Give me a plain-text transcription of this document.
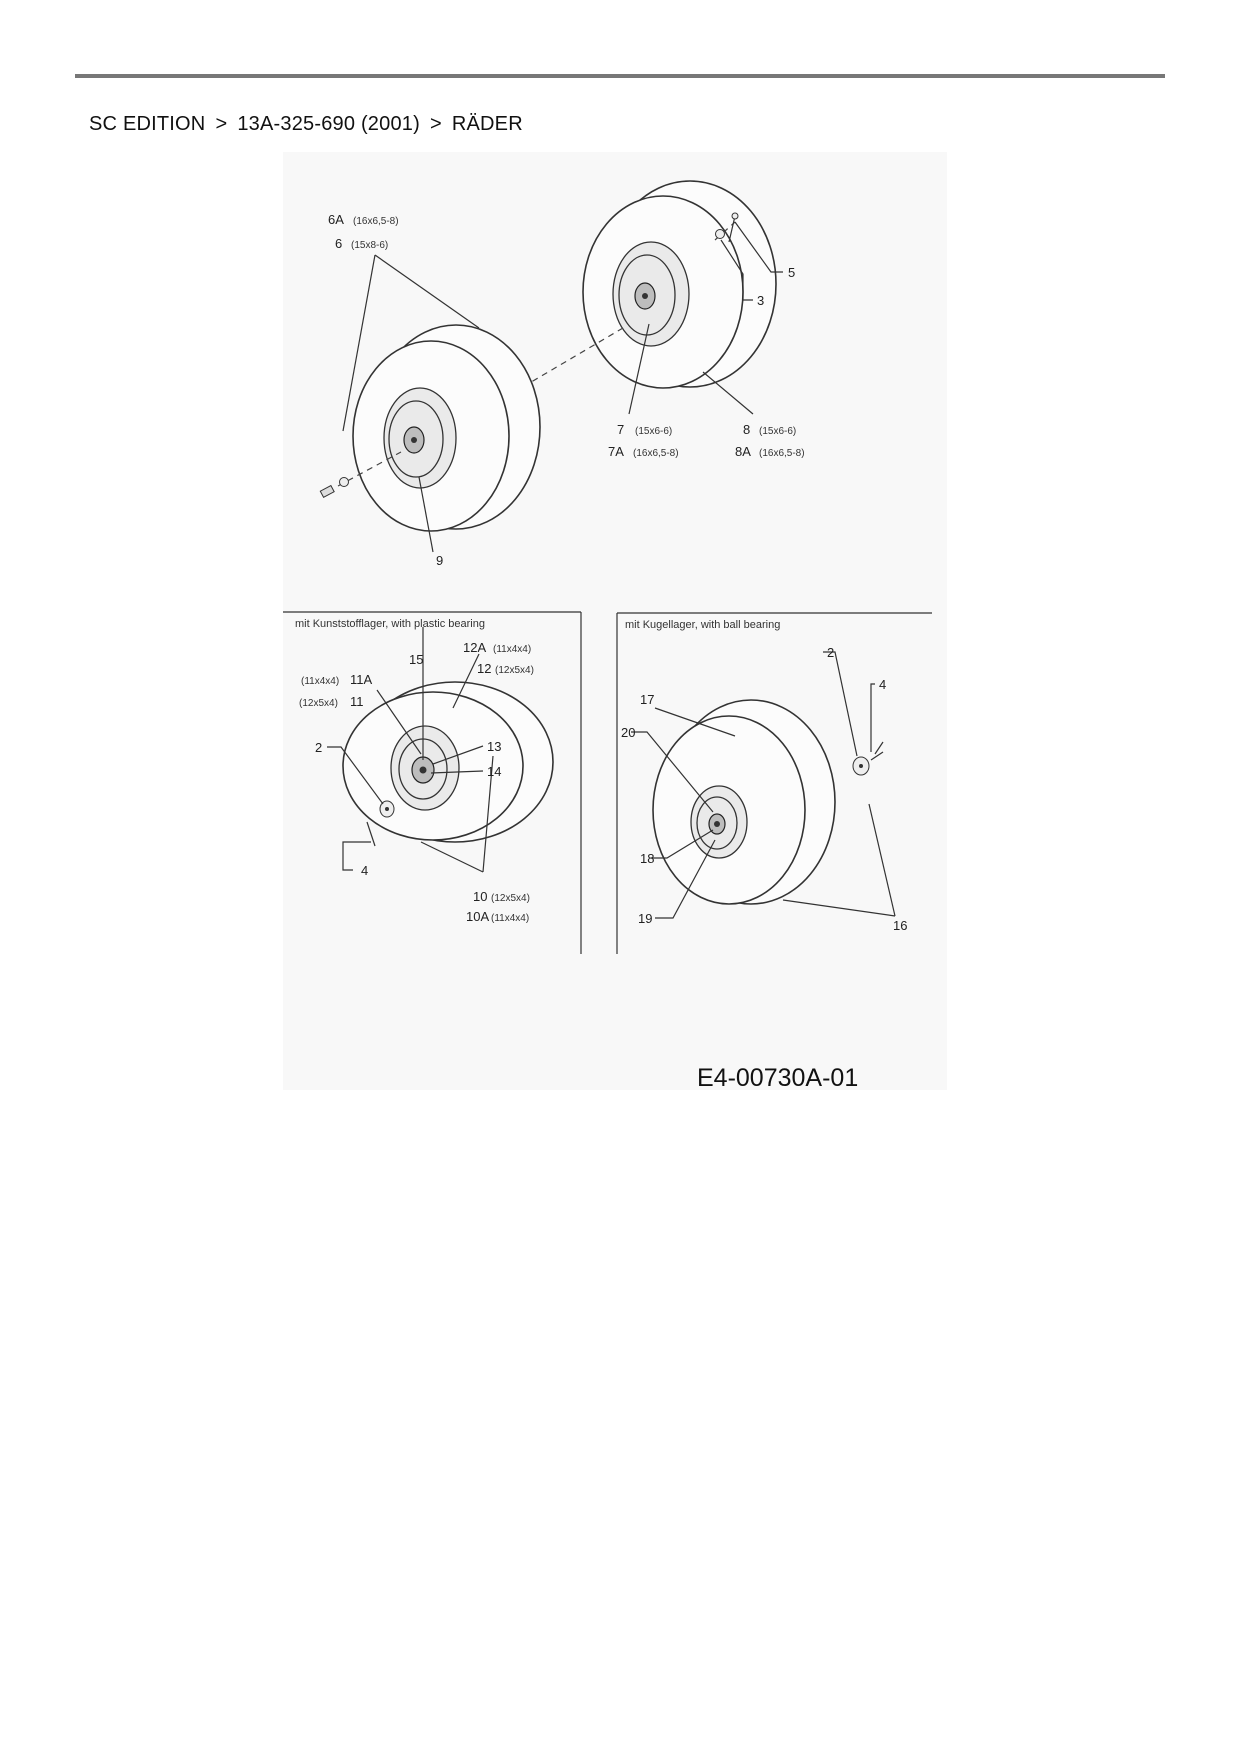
SC EDITION > 13A-325-690 (2001) > RÄDER
6A (16x6,5-8)
6 (15x8-6)
5
3
7 (15x6-6)
7A (16x6,5-8)
8 (15x6-6)
8A (16x6,5-8)
9
mit Kunststofflager, with plastic bearing	mit Kugellager, with ball bearing
15
12A (11x4x4)
12 (12x5x4)
(11x4x4) 11A
(12x5x4) 11
2	13
14
4
10 (12x5x4)
10A (11x4x4)
2
4
17
20
18
19	16
E4-00730A-01
